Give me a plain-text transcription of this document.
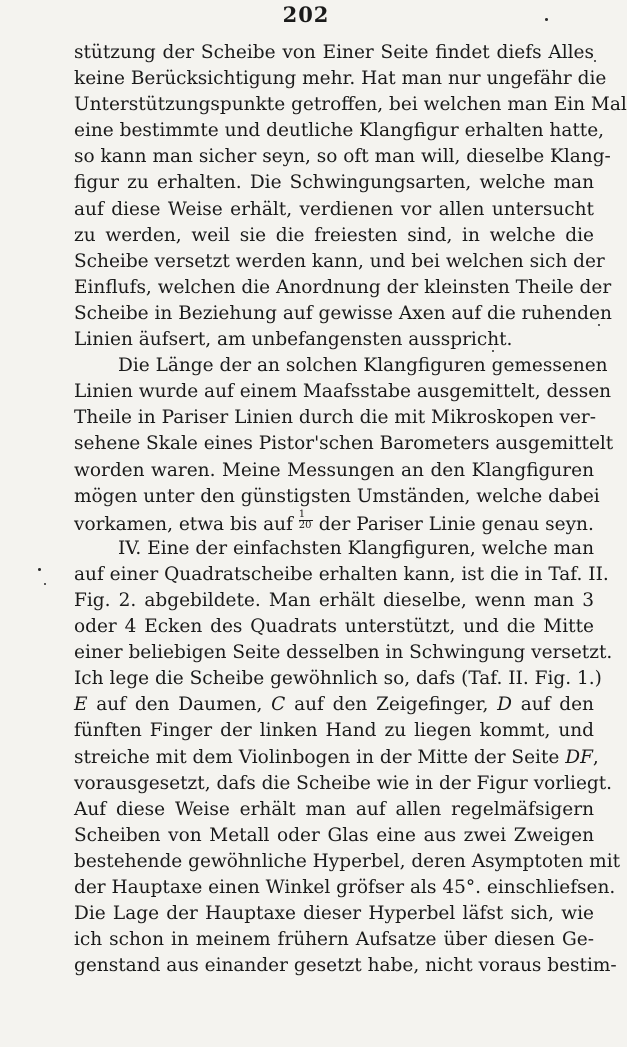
202
stützung der Scheibe von Einer Seite findet diefs Alles
keine Berücksichtigung mehr. Hat man nur ungefähr die
Unterstützungspunkte getroffen, bei welchen man Ein Mal
eine bestimmte und deutliche Klangfigur erhalten hatte,
so kann man sicher seyn, so oft man will, dieselbe Klang-
figur zu erhalten. Die Schwingungsarten, welche man
auf diese Weise erhält, verdienen vor allen untersucht
zu werden, weil sie die freiesten sind, in welche die
Scheibe versetzt werden kann, und bei welchen sich der
Einflufs, welchen die Anordnung der kleinsten Theile der
Scheibe in Beziehung auf gewisse Axen auf die ruhenden
Linien äufsert, am unbefangensten ausspricht.
Die Länge der an solchen Klangfiguren gemessenen
Linien wurde auf einem Maafsstabe ausgemittelt, dessen
Theile in Pariser Linien durch die mit Mikroskopen ver-
sehene Skale eines Pistor'schen Barometers ausgemittelt
worden waren. Meine Messungen an den Klangfiguren
mögen unter den günstigsten Umständen, welche dabei
vorkamen, etwa bis auf $\frac{1}{20}$ der Pariser Linie genau seyn.
IV. Eine der einfachsten Klangfiguren, welche man
auf einer Quadratscheibe erhalten kann, ist die in Taf. II.
Fig. 2. abgebildete. Man erhält dieselbe, wenn man 3
oder 4 Ecken des Quadrats unterstützt, und die Mitte
einer beliebigen Seite desselben in Schwingung versetzt.
Ich lege die Scheibe gewöhnlich so, dafs (Taf. II. Fig. 1.)
E auf den Daumen, C auf den Zeigefinger, D auf den
fünften Finger der linken Hand zu liegen kommt, und
streiche mit dem Violinbogen in der Mitte der Seite DF,
vorausgesetzt, dafs die Scheibe wie in der Figur vorliegt.
Auf diese Weise erhält man auf allen regelmäfsigern
Scheiben von Metall oder Glas eine aus zwei Zweigen
bestehende gewöhnliche Hyperbel, deren Asymptoten mit
der Hauptaxe einen Winkel gröfser als 45°. einschliefsen.
Die Lage der Hauptaxe dieser Hyperbel läfst sich, wie
ich schon in meinem frühern Aufsatze über diesen Ge-
genstand aus einander gesetzt habe, nicht voraus bestim-
